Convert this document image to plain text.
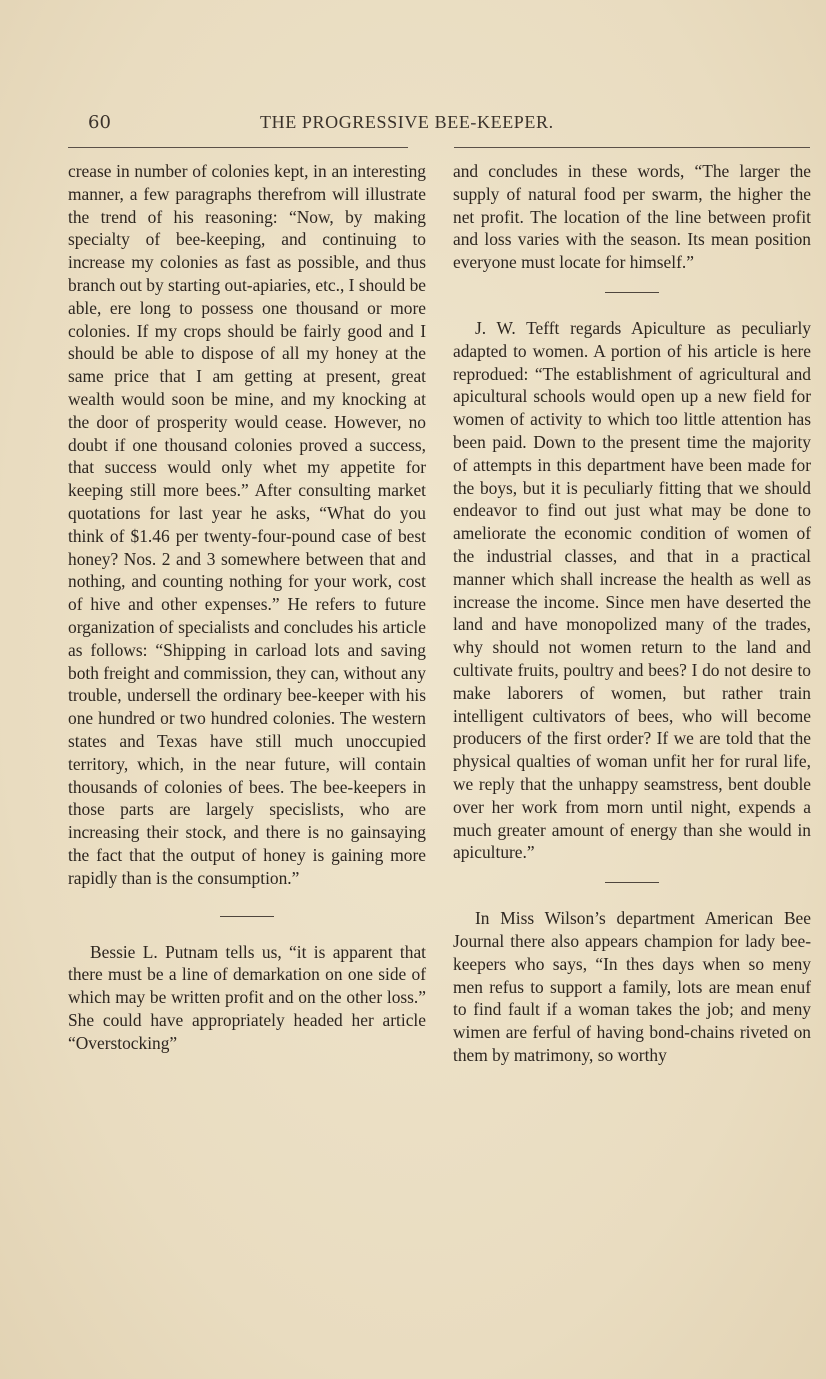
60	THE PROGRESSIVE BEE-KEEPER.

crease in number of colonies kept, in an interesting manner, a few paragraphs therefrom will illustrate the trend of his reasoning: “Now, by making specialty of bee-keeping, and continuing to increase my colonies as fast as possible, and thus branch out by starting out-apiaries, etc., I should be able, ere long to possess one thousand or more colonies. If my crops should be fairly good and I should be able to dispose of all my honey at the same price that I am getting at present, great wealth would soon be mine, and my knocking at the door of prosperity would cease. However, no doubt if one thousand colonies proved a success, that success would only whet my appetite for keeping still more bees.” After consulting market quotations for last year he asks, “What do you think of $1.46 per twenty-four-pound case of best honey? Nos. 2 and 3 somewhere between that and nothing, and counting nothing for your work, cost of hive and other expenses.” He refers to future organization of specialists and concludes his article as follows: “Shipping in carload lots and saving both freight and commission, they can, without any trouble, undersell the ordinary bee-keeper with his one hundred or two hundred colonies. The western states and Texas have still much unoccupied territory, which, in the near future, will contain thousands of colonies of bees. The bee-keepers in those parts are largely specislists, who are increasing their stock, and there is no gainsaying the fact that the output of honey is gaining more rapidly than is the consumption.”

Bessie L. Putnam tells us, “it is apparent that there must be a line of demarkation on one side of which may be written profit and on the other loss.” She could have appropriately headed her article “Overstocking”

and concludes in these words, “The larger the supply of natural food per swarm, the higher the net profit. The location of the line between profit and loss varies with the season. Its mean position everyone must locate for himself.”

J. W. Tefft regards Apiculture as peculiarly adapted to women. A portion of his article is here reprodued: “The establishment of agricultural and apicultural schools would open up a new field for women of activity to which too little attention has been paid. Down to the present time the majority of attempts in this department have been made for the boys, but it is peculiarly fitting that we should endeavor to find out just what may be done to ameliorate the economic condition of women of the industrial classes, and that in a practical manner which shall increase the health as well as increase the income. Since men have deserted the land and have monopolized many of the trades, why should not women return to the land and cultivate fruits, poultry and bees? I do not desire to make laborers of women, but rather train intelligent cultivators of bees, who will become producers of the first order? If we are told that the physical qualties of woman unfit her for rural life, we reply that the unhappy seamstress, bent double over her work from morn until night, expends a much greater amount of energy than she would in apiculture.”

In Miss Wilson’s department American Bee Journal there also appears champion for lady bee-keepers who says, “In thes days when so meny men refus to support a family, lots are mean enuf to find fault if a woman takes the job; and meny wimen are ferful of having bond-chains riveted on them by matrimony, so worthy
